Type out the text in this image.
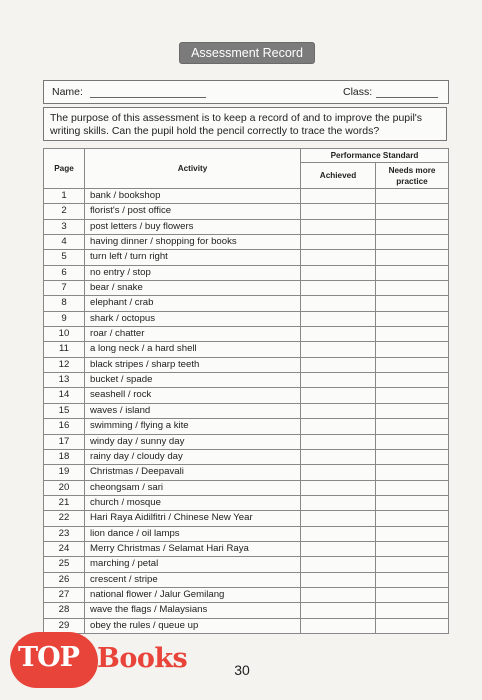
Assessment Record
Name:	Class:
The purpose of this assessment is to keep a record of and to improve the pupil's writing skills. Can the pupil hold the pencil correctly to trace the words?
Page	Activity	Performance Standard	
		Achieved	Needs more practice
1	bank / bookshop		
2	florist's / post office		
3	post letters / buy flowers		
4	having dinner / shopping for books		
5	turn left / turn right		
6	no entry / stop		
7	bear / snake		
8	elephant / crab		
9	shark / octopus		
10	roar / chatter		
11	a long neck / a hard shell		
12	black stripes / sharp teeth		
13	bucket / spade		
14	seashell / rock		
15	waves / island		
16	swimming / flying a kite		
17	windy day / sunny day		
18	rainy day / cloudy day		
19	Christmas / Deepavali		
20	cheongsam / sari		
21	church / mosque		
22	Hari Raya Aidilfitri / Chinese New Year		
23	lion dance / oil lamps		
24	Merry Christmas / Selamat Hari Raya		
25	marching / petal		
26	crescent / stripe		
27	national flower / Jalur Gemilang		
28	wave the flags / Malaysians		
29	obey the rules / queue up		
30
TOP Books
